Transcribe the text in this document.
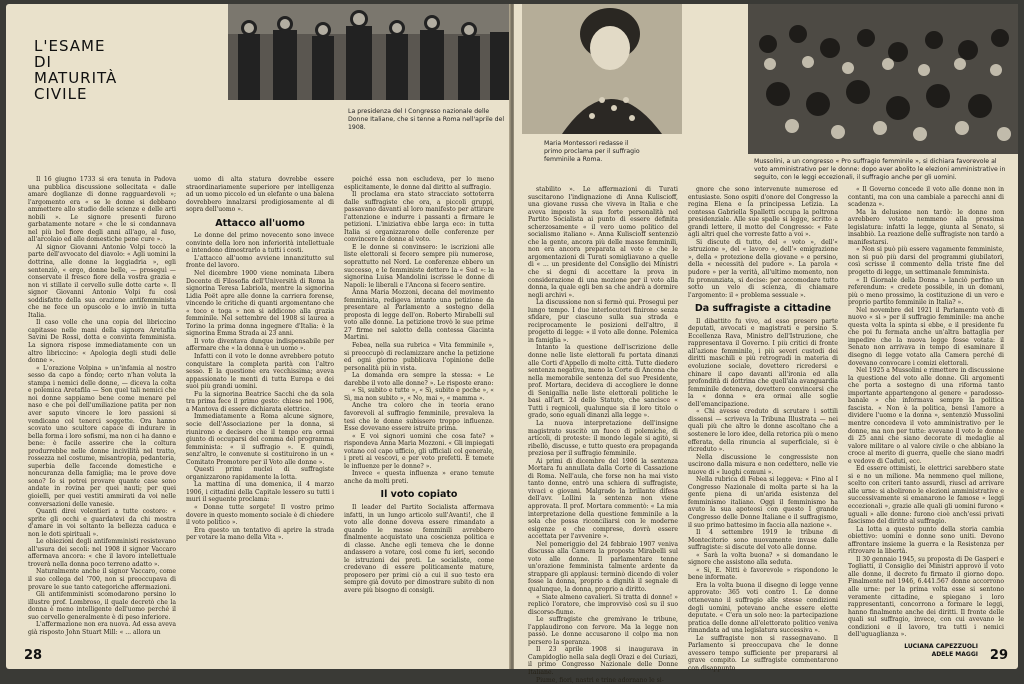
L'ESAME
DI
MATURITÀ
CIVILE

La presidenza del I Congresso nazionale delle Donne Italiane, che si tenne a Roma nell'aprile del 1908.

Il 16 giugno 1733 si era tenuta in Padova una pubblica discussione sollecitata « dalle amare doglianze di donne ragguardevoli »; l'argomento era « se le donne si debbano ammettere allo studio delle scienze e delle arti nobili ». Le signore presenti furono garbatamente notare « che le si condannava nel più bel fiore degli anni all'ago, al fuso, all'arcolaio ed alle domestiche pene cure ».

Al signor Giovanni Antonio Volpi toccò la parte dell'avvocato del diavolo: « Agli uomini la dottrina, alle donne la leggiadria », egli sentenziò, « ergo, donne belle, — proseguì — conservate il fresco fiore della vostra grazia e non vi stillate il cervello sulle dotte carte ». Il signor Giovanni Antonio Volpi fu così soddisfatto della sua orazione antifemminista che ne fece un opuscolo e lo inviò in tutta Italia.

Il caso volle che una copia del libriccino capitasse nelle mani della signora Aretafila Savini De Rossi, dotta e convinta femminista. La signora rispose immediatamente con un altro libriccino: « Apologia degli studi delle donne ».

« L'orazione Volpina » un'infamia al nostro sesso da capo a fondo; certo n'han voluta la stampa i nemici delle donne, — diceva la colta e polemica Aretafila — Son quel tali nemici che noi donne sappiamo bene come menare pel naso e che poi dell'umiliazione patita per non aver saputo vincere le loro passioni si vendicano col tenerci soggette. Ora hanno scovato uno scultore capace di indurare in bella forma i loro sofismi, ma non ci ha danno e bene: è facile asserire che la coltura produrrebbe nelle donne incivilità nel tratto, rossezza nel costume, misantropia, pedanteria, superbia delle faccende domestiche e noncuranza della famiglia; ma le prove dove sono? Io si potrei provare quante case sono andate in rovina per quei nauti; per quei gioielli, per quei vestiti ammirati da voi nelle conversazioni delle vanesie.

Quanti direi volentieri a tutte costoro: « sprite gli occhi e guardatevi da chi mostra d'amare in voi soltanto la bellezza caduca e non le doti spirituali ».

Le obiezioni degli antifemministi resistevano all'usura dei secoli: nel 1908 il signor Vaccaro affermava ancora: « che il lavoro intellettuale troverà nella donna poco terreno adatto ».

Naturalmente anche il signor Vaccaro, come il suo collega del '700, non si preoccupava di provare le sue tanto categoriche affermazioni.

Gli antifemministi scomodarono persino lo illustre prof. Lombroso, il quale decretò che la donna è meno intelligente dell'uomo perché il suo cervello generalmente è di peso inferiore.

L'affermazione non era nuova. Ad essa aveva già risposto John Stuart Mill: « ... allora un

uomo di alta statura dovrebbe essere straordinariamente superiore per intelligenza ad un uomo piccolo ed un elefante o una balena dovrebbero innalzarsi prodigiosamente al di sopra dell'uomo ».

Attacco all'uomo

Le donne del primo novecento sono invece convinte della loro non inferiorità intellettuale e intendono dimostrarlo a tutti i costi.

L'attacco all'uomo avviene innanzitutto sul fronte del lavoro.

Nel dicembre 1900 viene nominata Libera Docente di Filosofia dell'Università di Roma la signorina Teresa Labriola, mentre la signorina Lidia Poët apre alle donne la carriera forense, vincendo le critiche di quanti argomentano che « toco e toga » non si addicono alla grazia femminile. Nel settembre del 1908 si laurea a Torino la prima donna ingegnere d'Italia: è la signorina Emma Strada ai 23 anni.

Il voto diventava dunque indispensabile per affermare che « la donna è un uomo ».

Infatti con il voto le donne avrebbero potuto conquistare la completa parità con l'altro sesso. E la questione era vecchissima; aveva appassionato le menti di tutta Europa e dei suoi più grandi uomini.

Fu la signorina Beatrice Sacchi che da sola tra prima fece il primo gesto: chiese nel 1906, a Mantova di essere dichiarata elettrice.

Immediatamente a Roma alcune signore, socie dell'Associazione per la donna, si riunirono e decisero che il tempo era ormai giunto di occuparsi del comma del programma femminista: « il suffragio ». E quindi, senz'altro, le convenute si costituirono in un « Comitato Promotore per il Voto alle donne ».

Questi primi nuclei di suffragiste organizzarono rapidamente la lotta.

La mattina di una domenica, il 4 marzo 1906, i cittadini della Capitale lessero su tutti i muri il seguente proclama:

« Donne tutte sorgete! Il vostro primo dovere in questo momento sociale è di chiedere il voto politico ».

Era questo un tentativo di aprire la strada per votare la mano della Vita ».

poiché essa non escludeva, per lo meno esplicitamente, le donne dal diritto al suffragio.

Il proclama era stato stracciato sottoterra dalle suffragiste che ora, a piccoli gruppi, passavano davanti al loro manifesto per attirare l'attenzione e indurre i passanti a firmare le petizioni. L'iniziativa ebbe larga eco: in tutta Italia si organizzarono delle conferenze per convincere le donne al voto.

E le donne si convinsero: le iscrizioni alle liste elettorali si fecero sempre più numerose, soprattutto nel Nord. Le conferenze ebbero un successo, e le femministe dettero la « Sud »: la signorina Luisa Mandolini iscrisse le donne di Napoli: le liberali e l'Ancona si fecero sentire.

Anna Maria Mozzoni, decana del movimento femminista, redigeva intanto una petizione da presentare al Parlamento a sostegno della proposta di legge dell'on. Roberto Mirabelli sul voto alle donne. La petizione trovò le sue prime 27 firme nel salotto della contessa Giacinta Martini.

Febea, nella sua rubrica « Vita femminile », si preoccupò di reclamizzare anche la petizione ed ogni giorno pubblicava l'opinione delle personalità più in vista.

La domanda era sempre la stessa: « Le darebbe il voto alle donne? ». Le risposte erano:

« Si, subito e tutte », « Sì, subito e poche », « Sì, ma non subito », « No, mai », « mamma ».

Anche tra coloro che in teoria erano favorevoli al suffragio femminile, prevaleva la tesi che le donne subissero troppo influenze. Esse dovevano essere istruite prima.

« E voi signori uomini che cosa fate? » rispondeva Anna Maria Mozzoni. « Gli impiegati votano col capo ufficio, gli ufficiali col generale, i preti ai vescovi, e per voto prefetti. E temete le influenze per le donne? ».

Invece « questa influenza » erano temute anche da molti preti.

Il voto copiato

Il leader del Partito Socialista affermava infatti, in un lungo articolo sull'Avanti!, che il voto alle donne doveva essere rimandato a quando le masse femminili avrebbero finalmente acquistato una coscienza politica e di classe. Anche egli temeva che le donne andassero a votare, così come fu ieri, secondo le istruzioni dei preti. Le socialiste, come credevano di essere politicamente mature, proposero per primi ciò a cui il suo testo era sempre già dovuto per dimostrare subito di non avere più bisogno di consigli.

28

Maria Montessori redasse il primo proclama per il suffragio femminile a Roma.	Mussolini, a un congresso « Pro suffragio femminile », si dichiara favorevole al voto amministrativo per le donne: dopo aver abolito le elezioni amministrative in seguito, con le leggi eccezionali, il suffragio anche per gli uomini.

stabilito ». Le affermazioni di Turati suscitarono l'indignazione di Anna Kuliscioff, una giovane russa che viveva in Italia e che aveva imposto la sua forte personalità nel Partito Socialista ai punto di essere definita scherzosamente « il vero uomo politico del socialismo italiano ». Anna Kuliscioff sentenziò che la gente, ancora più delle masse femminili, non era ancora preparata al voto e che le argomentazioni di Turati somigliavano a quelle di « ... un presidente del Consiglio dei Ministri che si degni di accettare la prova in considerazione di una mozione per il voto alla donna, la quale egli ben sa che andrà a dormire negli archivi ».

La discussione non si fermò qui. Proseguì per lungo tempo. I due interlocutori finirono senza sfidare, pur ciascuno sulla sua strada e reciprocamente le posizioni dell'altro, il progetto di legge: « il voto alle donne. Polemica in famiglia ».

Intanto la questione dell'iscrizione delle donne nelle liste elettorali fu portata dinanzi alle Corti d'Appello di molte città. Tutte diedero sentenza negativa, meno la Corte di Ancona che nella memorabile sentenza del suo Presidente, prof. Mortara, decideva di accogliere le donne di Senigallia nelle liste elettorali politiche le basi all'art. 24 dello Statuto, che sancisce « Tutti i regnicoli, qualunque sia il loro titolo o grado, sono eguali dinanzi alla legge ».

La nuova interpretazione dell'insigne magistrato suscitò un fuoco di polemiche, di articoli, di proteste: il mondo legale si agitò, si ribellò, discusse, e tutto questo era propaganda preziosa per il suffragio femminile.

Ai primi di dicembre del 1906 la sentenza Mortara fu annullata dalla Corte di Cassazione di Roma. Nell'aula, che forse non ha mai visto tanto donne, entrò una schiera di suffragiste, vivaci e giovani. Malgrado la brillante difesa dell'avv. Lollini la sentenza non viene approvata. Il prof. Mortara commentò: « La mia interpretazione della questione femminile a la sola che possa riconciliarsi con le moderne esigenze e che comprese, dovrà essere accettata per l'avvenire ».

Nel pomeriggio del 24 febbraio 1907 veniva discussa alla Camera la proposta Mirabelli sul voto alle donne. Il parlamentare tenne un'orazione femminista talmente ardente da strappare gli applausi: terminò dicendo di voler fosse la donna, proprio a dignità il segnale di qualunque, la donna, proprio a diritto.

« Siate almeno cavalieri. Si tratta di donne! » replicò l'oratore, che improvvisò così su il suo discorso-fiume.

Le suffragiste che gremivano le tribune, l'applaudirono con fervore. Ma la legge non passò. Le donne accusarono il colpo ma non persero la speranza.

Il 23 aprile 1908 si inaugurava in Campidoglio nella sala degli Orazi e dei Curiazi, il primo Congresso Nazionale delle Donne Italiane.

Piume, fiori, nastri e trine adornano le si-

gnore che sono intervenute numerose ed entusiaste. Sono ospiti d'onore del Congresso la regina Elena e la principessa Letizia. La contessa Gabriella Spalletti occupa la poltrona presidenziale. Alle sue spalle si legge, scritto a grandi lettere, il motto del Congresso: « Fate agli altri quel che vorreste fatto a voi ».

Si discute di tutto, del « voto », dell'« istruzione », del « lavoro », dell'« emigrazione », della « protezione della giovane » e persino, della « necessità del pudore ». La parola « pudore » per la verità, all'ultimo momento, non fu pronunziata, si decise: per accomodare tutto sotto un velo di scienza, di chiamare l'argomento: il « problema sessuale ».

Da suffragiste a cittadine

Il dibattito fu vivo, ad esso presero parte deputati, avvocati e magistrati e persino S. Eccellenza Rava, Ministro dell'Istruzione, che rappresentava il Governo. I più critici di fronte all'azione femminile, i più severi custodi dei diritti maschili e più retrogradi in materia di evoluzione sociale, dovettero ricredersi e chinare il capo davanti all'ironia ed alla profondità di dottrina che quell'ala avanguardia femminile deteneva, dovettero convincersi che la « donna » era ormai alle soglie dell'emancipazione.

« Chi avesse creduto di scrutare i sottili dissensi — scriveva la Tribuna Illustrata — nei quali più che altro le donne ascoltano che a sostenere le loro idee, della retorica più o meno efferata, della rinuncia al superficiale, si è ricreduto ».

Nella discussione le congressiste non uscirono dalla misura e non cedettero, nelle vie nuove di « luoghi comuni ».

Nella rubrica di Febea si leggeva: « Fino al I Congresso Nazionale di molta parte si ha la gente piena di un'arida esistenza del femminismo italiano. Oggi il femminismo ha avuto la sua apoteosi con questo I grande Congresso delle Donne Italiane e il suffragismo, il suo primo battesimo in faccia alla nazione ».

Il 4 settembre 1919 le tribune di Montecitorio sono nuovamente invase dalle suffragiste: si discute del voto alle donne.

« Sarà la volta buona? » si domandano le signore che assistono alla seduta.

« Sì, E. Nitti è favorevole » rispondono le bene informate.

Era la volta buona il disegno di legge venne approvato: 365 voti contro 1. Le donne ottenevano il suffragio alle stesse condizioni degli uomini, potevano anche essere elette deputate. « C'era un solo neo: la partecipazione pratica delle donne all'elettorato politico veniva rimandata ad una legislatura successiva ».

Le suffragiste non si rassegnavano. Il Parlamento si preoccupava che le donne avessero tempo sufficiente per prepararsi al grave compito. Le suffragiste commentarono con disappunto

« Il Governo concede il voto alle donne non in contanti, ma con una cambiale a parecchi anni di scadenza ».

Ma la delusione non tardò: le donne non avrebbero votato nemmeno alla prossima legislatura: infatti la legge, giunta al Senato, si insabbiò. La reazione delle suffragiste non tardò a manifestarsi.

« Non si può più essere vagamente femministe, non si può più darsi del programmi giubilatori, così scrisse il commento della triste fine del progetto di legge, un settimanale femminista.

« Il Giornale della Donna » lanciò perfino un referendum: « credete possibile, in un domani, più o meno prossimo, la costituzione di un vero e proprio partito femminile in Italia? ».

Nel novembre del 1921 il Parlamento votò di nuovo « sì » per il suffragio femminile: ma anche questa volta la spinta si ebbe, e il presidente fu che poi fu fermata anche un'altra battaglia per impedire che la nuova legge fosse votata: il Senato non arrivava in tempo di esaminare il disegno di legge votato alla Camera perché di dovevano convocare i comizi elettorali.

Nel 1925 a Mussolini e rimettere in discussione la questione del voto alle donne. Gli argomenti che porta a sostegno di una riforma tanto importante appartengono al genere « paradosso-banale » che informava sempre la politica fascista. « Non è la politica, bensì l'amore a dividere l'uomo e la donna », sentenziò Mussolini mentre concedeva il voto amministrativo per le donne, ma non per tutte: avevano il voto le donne di 25 anni che siano decorate di medaglie al valore militare o al valore civile o che abbiano la croce al merito di guerra, quelle che siano madri e vedove di Caduti, ecc.

Ed essere ottimisti, le elettrici sarebbero state si e no un milione. Ma nemmeno quel milione, scelto con criteri tanto assurdi, riuscì ad arrivare alle urne: si abolirono le elezioni amministrative e successivamente si emanarono le famose « leggi eccezionali », grazie alle quali gli uomini furono « uguali » alle donne: furono cioè anch'essi privati fascismo del diritto al suffragio.

La lotta a questo punto della storia cambia obiettivo: uomini e donne sono uniti. Devono affrontare insieme la guerra e la Resistenza per ritrovare la libertà.

Il 30 gennaio 1945, su proposta di De Gasperi e Togliatti, il Consiglio dei Ministri approvò il voto alle donne, il decreto fu firmato il giorno dopo. Finalmente nel 1946, 6.441.567 donne accorrono alle urne: per la prima volta esse si sentono veramente cittadine, e spiegano i loro rappresentanti, concorrono a formare le leggi, hanno finalmente anche dei diritti. Il fronte delle quali sul suffragio, invece, con cui avevano le condizioni e il lavoro, tra tutti i nemici dell'uguaglianza ».

LUCIANA CAPEZZUOLI
ADELE MAGGI 29
